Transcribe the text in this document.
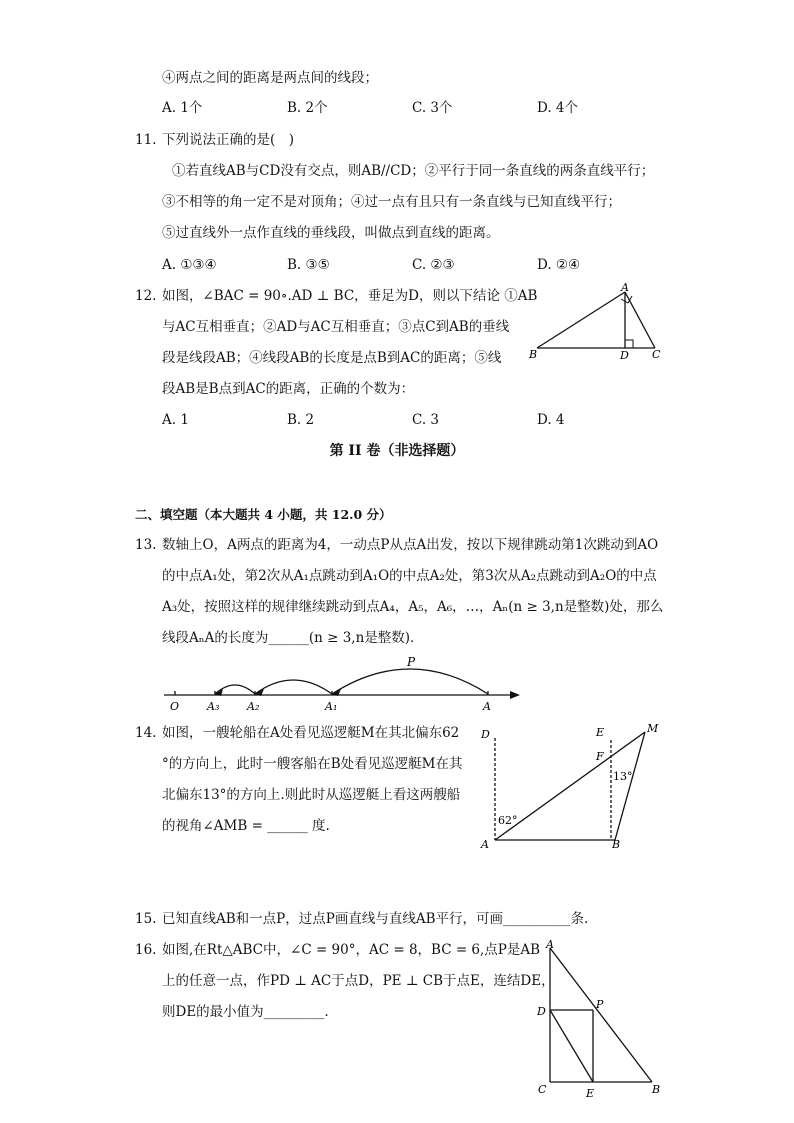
④两点之间的距离是两点间的线段；
A. 1个	B. 2个	C. 3个	D. 4个
11. 下列说法正确的是(　)
①若直线AB与CD没有交点，则AB//CD；②平行于同一条直线的两条直线平行；
③不相等的角一定不是对顶角；④过一点有且只有一条直线与已知直线平行；
⑤过直线外一点作直线的垂线段，叫做点到直线的距离。
A. ①③④	B. ③⑤	C. ②③	D. ②④
12. 如图，∠BAC = 90∘.AD ⊥ BC，垂足为D，则以下结论 ①AB
与AC互相垂直；②AD与AC互相垂直；③点C到AB的垂线
段是线段AB；④线段AB的长度是点B到AC的距离；⑤线
段AB是B点到AC的距离，正确的个数为：
A
B	D C
A. 1	B. 2	C. 3	D. 4
第 II 卷（非选择题）
二、填空题（本大题共 4 小题，共 12.0 分）
13. 数轴上O，A两点的距离为4，一动点P从点A出发，按以下规律跳动第1次跳动到AO
的中点A₁处，第2次从A₁点跳动到A₁O的中点A₂处，第3次从A₂点跳动到A₂O的中点
A₃处，按照这样的规律继续跳动到点A₄，A₅，A₆，…，Aₙ(n ≥ 3,n是整数)处，那么
线段AₙA的长度为______(n ≥ 3,n是整数)．
P
O	A₃	A₂	A₁	A
14. 如图，一艘轮船在A处看见巡逻艇M在其北偏东62
°的方向上，此时一艘客船在B处看见巡逻艇M在其
北偏东13°的方向上.则此时从巡逻艇上看这两艘船
的视角∠AMB = ______ 度.
D	E	M
F
A	B
62°
13°
15. 已知直线AB和一点P，过点P画直线与直线AB平行，可画__________条.
16. 如图,在Rt△ABC中，∠C = 90°，AC = 8，BC = 6,点P是AB
上的任意一点，作PD ⊥ AC于点D，PE ⊥ CB于点E，连结DE，
则DE的最小值为_________.
A
D
P
C	E	B
